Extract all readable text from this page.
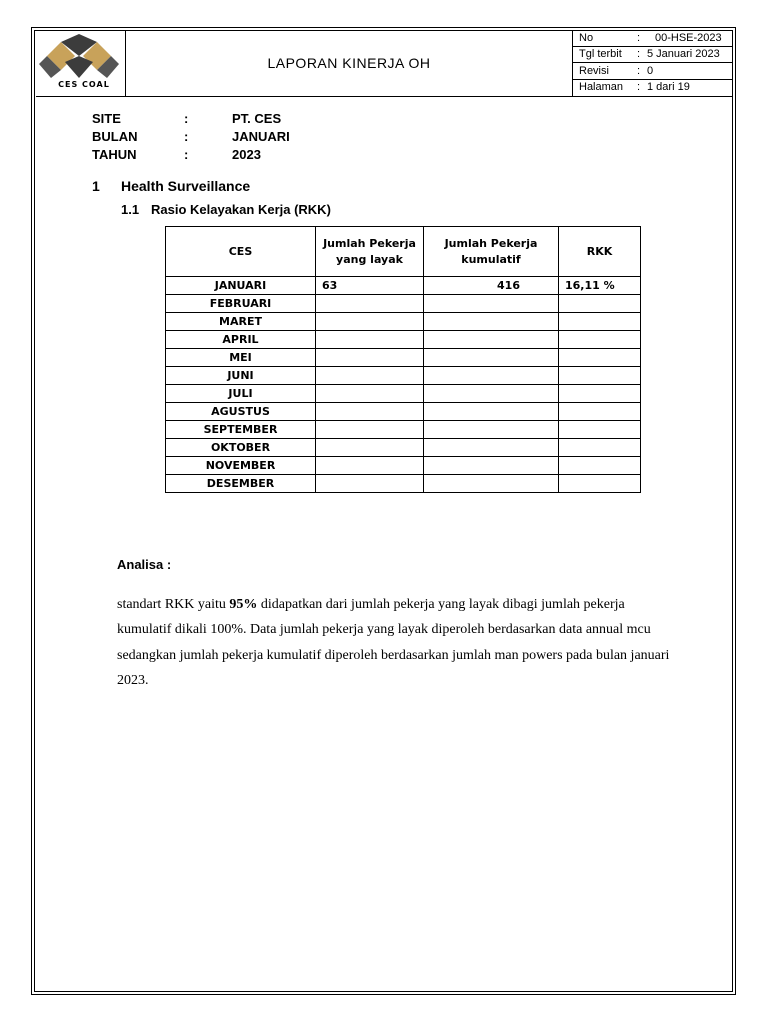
CES COAL
LAPORAN KINERJA OH
No	:	00-HSE-2023
Tgl terbit	:	5 Januari 2023
Revisi	:	0
Halaman	:	1 dari 19
SITE	:	PT. CES
BULAN	:	JANUARI
TAHUN	:	2023
1 Health Surveillance
1.1 Rasio Kelayakan Kerja (RKK)
CES	Jumlah Pekerja yang layak	Jumlah Pekerja kumulatif	RKK
JANUARI	63	416	16,11 %
FEBRUARI			
MARET			
APRIL			
MEI			
JUNI			
JULI			
AGUSTUS			
SEPTEMBER			
OKTOBER			
NOVEMBER			
DESEMBER			
Analisa :
standart RKK yaitu 95% didapatkan dari jumlah pekerja yang layak dibagi jumlah pekerja kumulatif dikali 100%. Data jumlah pekerja yang layak diperoleh berdasarkan data annual mcu sedangkan jumlah pekerja kumulatif diperoleh berdasarkan jumlah man powers pada bulan januari 2023.
